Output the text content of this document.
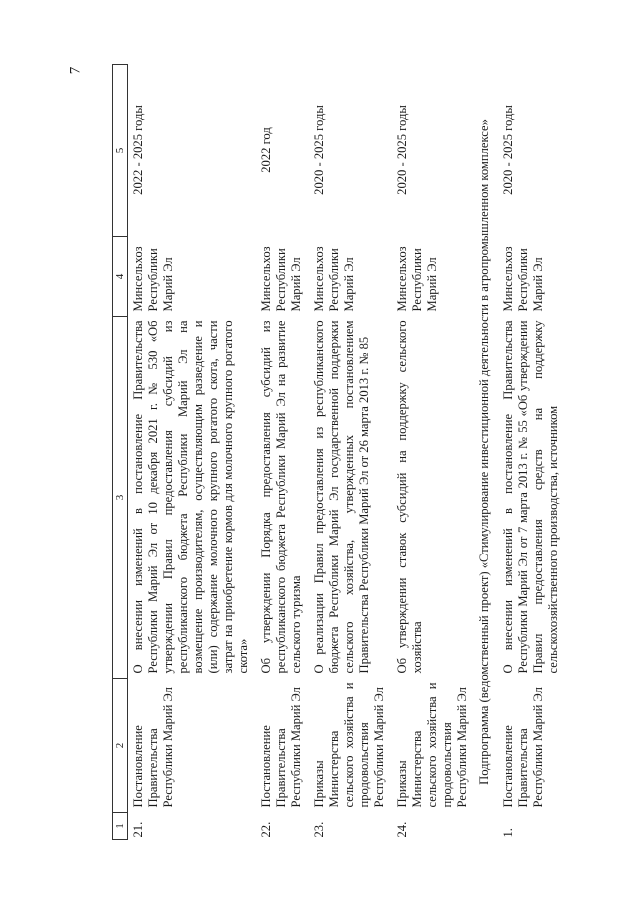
7
1	2	3	4	5
21.	Постановление Правительства Республики Марий Эл	О внесении изменений в постановление Правительства Республики Марий Эл от 10 декабря 2021 г. № 530 «Об утверждении Правил предоставления субсидий из республиканского бюджета Республики Марий Эл на возмещение производителям, осуществляющим разведение и (или) содержание молочного крупного рогатого скота, части затрат на приобретение кормов для молочного крупного рогатого скота»	Минсельхоз Республики Марий Эл	2022 - 2025 годы
22.	Постановление Правительства Республики Марий Эл	Об утверждении Порядка предоставления субсидий из республиканского бюджета Республики Марий Эл на развитие сельского туризма	Минсельхоз Республики Марий Эл	2022 год
23.	Приказы Министерства сельского хозяйства и продовольствия Республики Марий Эл	О реализации Правил предоставления из республиканского бюджета Республики Марий Эл государственной поддержки сельского хозяйства, утвержденных постановлением Правительства Республики Марий Эл от 26 марта 2013 г. № 85	Минсельхоз Республики Марий Эл	2020 - 2025 годы
24.	Приказы Министерства сельского хозяйства и продовольствия Республики Марий Эл	Об утверждении ставок субсидий на поддержку сельского хозяйства	Минсельхоз Республики Марий Эл	2020 - 2025 годы
Подпрограмма (ведомственный проект) «Стимулирование инвестиционной деятельности в агропромышленном комплексе»				
1.	Постановление Правительства Республики Марий Эл	О внесении изменений в постановление Правительства Республики Марий Эл от 7 марта 2013 г. № 55 «Об утверждении Правил предоставления средств на поддержку сельскохозяйственного производства, источником	Минсельхоз Республики Марий Эл	2020 - 2025 годы
